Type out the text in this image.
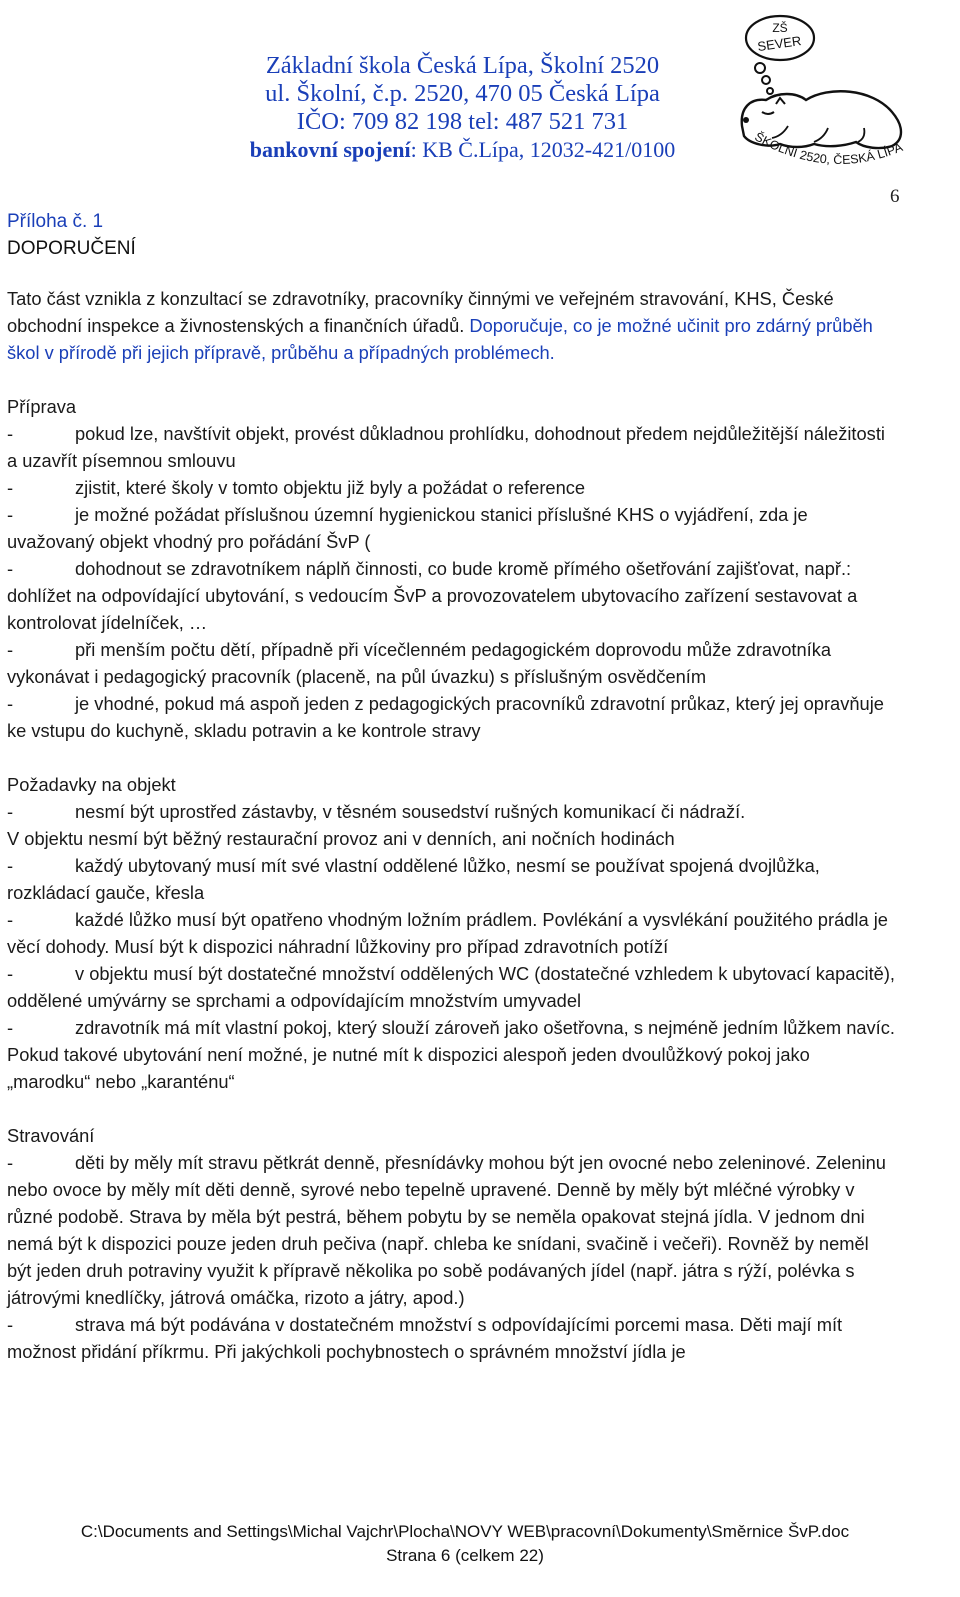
Základní škola Česká Lípa, Školní 2520
ul. Školní, č.p. 2520, 470 05 Česká Lípa
IČO: 709 82 198 tel: 487 521 731
bankovní spojení: KB Č.Lípa, 12032-421/0100
ZŠ
SEVER
ŠKOLNÍ 2520, ČESKÁ LÍPA
6
Příloha č. 1
DOPORUČENÍ

Tato část vznikla z konzultací se zdravotníky, pracovníky činnými ve veřejném stravování, KHS, České obchodní inspekce a živnostenských a finančních úřadů. Doporučuje, co je možné učinit pro zdárný průběh škol v přírodě při jejich přípravě, průběhu a případných problémech.

Příprava

-	pokud lze, navštívit objekt, provést důkladnou prohlídku, dohodnout předem nejdůležitější náležitosti a uzavřít písemnou smlouvu

-	zjistit, které školy v tomto objektu již byly a požádat o reference

-	je možné požádat příslušnou územní hygienickou stanici příslušné KHS o vyjádření, zda je uvažovaný objekt vhodný pro pořádání ŠvP (

-	dohodnout se zdravotníkem náplň činnosti, co bude kromě přímého ošetřování zajišťovat, např.: dohlížet na odpovídající ubytování, s vedoucím ŠvP a provozovatelem ubytovacího zařízení sestavovat a kontrolovat jídelníček, …

-	při menším počtu dětí, případně při vícečlenném pedagogickém doprovodu může zdravotníka vykonávat i pedagogický pracovník (placeně, na půl úvazku) s příslušným osvědčením

-	je vhodné, pokud má aspoň jeden z pedagogických pracovníků zdravotní průkaz, který jej opravňuje ke vstupu do kuchyně, skladu potravin a ke kontrole stravy

Požadavky na objekt

-	nesmí být uprostřed zástavby, v těsném sousedství rušných komunikací či nádraží.

V objektu nesmí být běžný restaurační provoz ani v denních, ani nočních hodinách

-	každý ubytovaný musí mít své vlastní oddělené lůžko, nesmí se používat spojená dvojlůžka, rozkládací gauče, křesla

-	každé lůžko musí být opatřeno vhodným ložním prádlem. Povlékání a vysvlékání použitého prádla je věcí dohody. Musí být k dispozici náhradní lůžkoviny pro případ zdravotních potíží

-	v objektu musí být dostatečné množství oddělených WC (dostatečné vzhledem k ubytovací kapacitě), oddělené umývárny se sprchami a odpovídajícím množstvím umyvadel

-	zdravotník má mít vlastní pokoj, který slouží zároveň jako ošetřovna, s nejméně jedním lůžkem navíc. Pokud takové ubytování není možné, je nutné mít k dispozici alespoň jeden dvoulůžkový pokoj jako „marodku“ nebo „karanténu“

Stravování

-	děti by měly mít stravu pětkrát denně, přesnídávky mohou být jen ovocné nebo zeleninové. Zeleninu nebo ovoce by měly mít děti denně, syrové nebo tepelně upravené. Denně by měly být mléčné výrobky v různé podobě. Strava by měla být pestrá, během pobytu by se neměla opakovat stejná jídla. V jednom dni nemá být k dispozici pouze jeden druh pečiva (např. chleba ke snídani, svačině i večeři). Rovněž by neměl být jeden druh potraviny využit k přípravě několika po sobě podávaných jídel (např. játra s rýží, polévka s játrovými knedlíčky, játrová omáčka, rizoto a játry, apod.)

-	strava má být podávána v dostatečném množství s odpovídajícími porcemi masa. Děti mají mít možnost přidání příkrmu. Při jakýchkoli pochybnostech o správném množství jídla je

C:\Documents and Settings\Michal Vajchr\Plocha\NOVY WEB\pracovní\Dokumenty\Směrnice ŠvP.doc
Strana 6 (celkem 22)
